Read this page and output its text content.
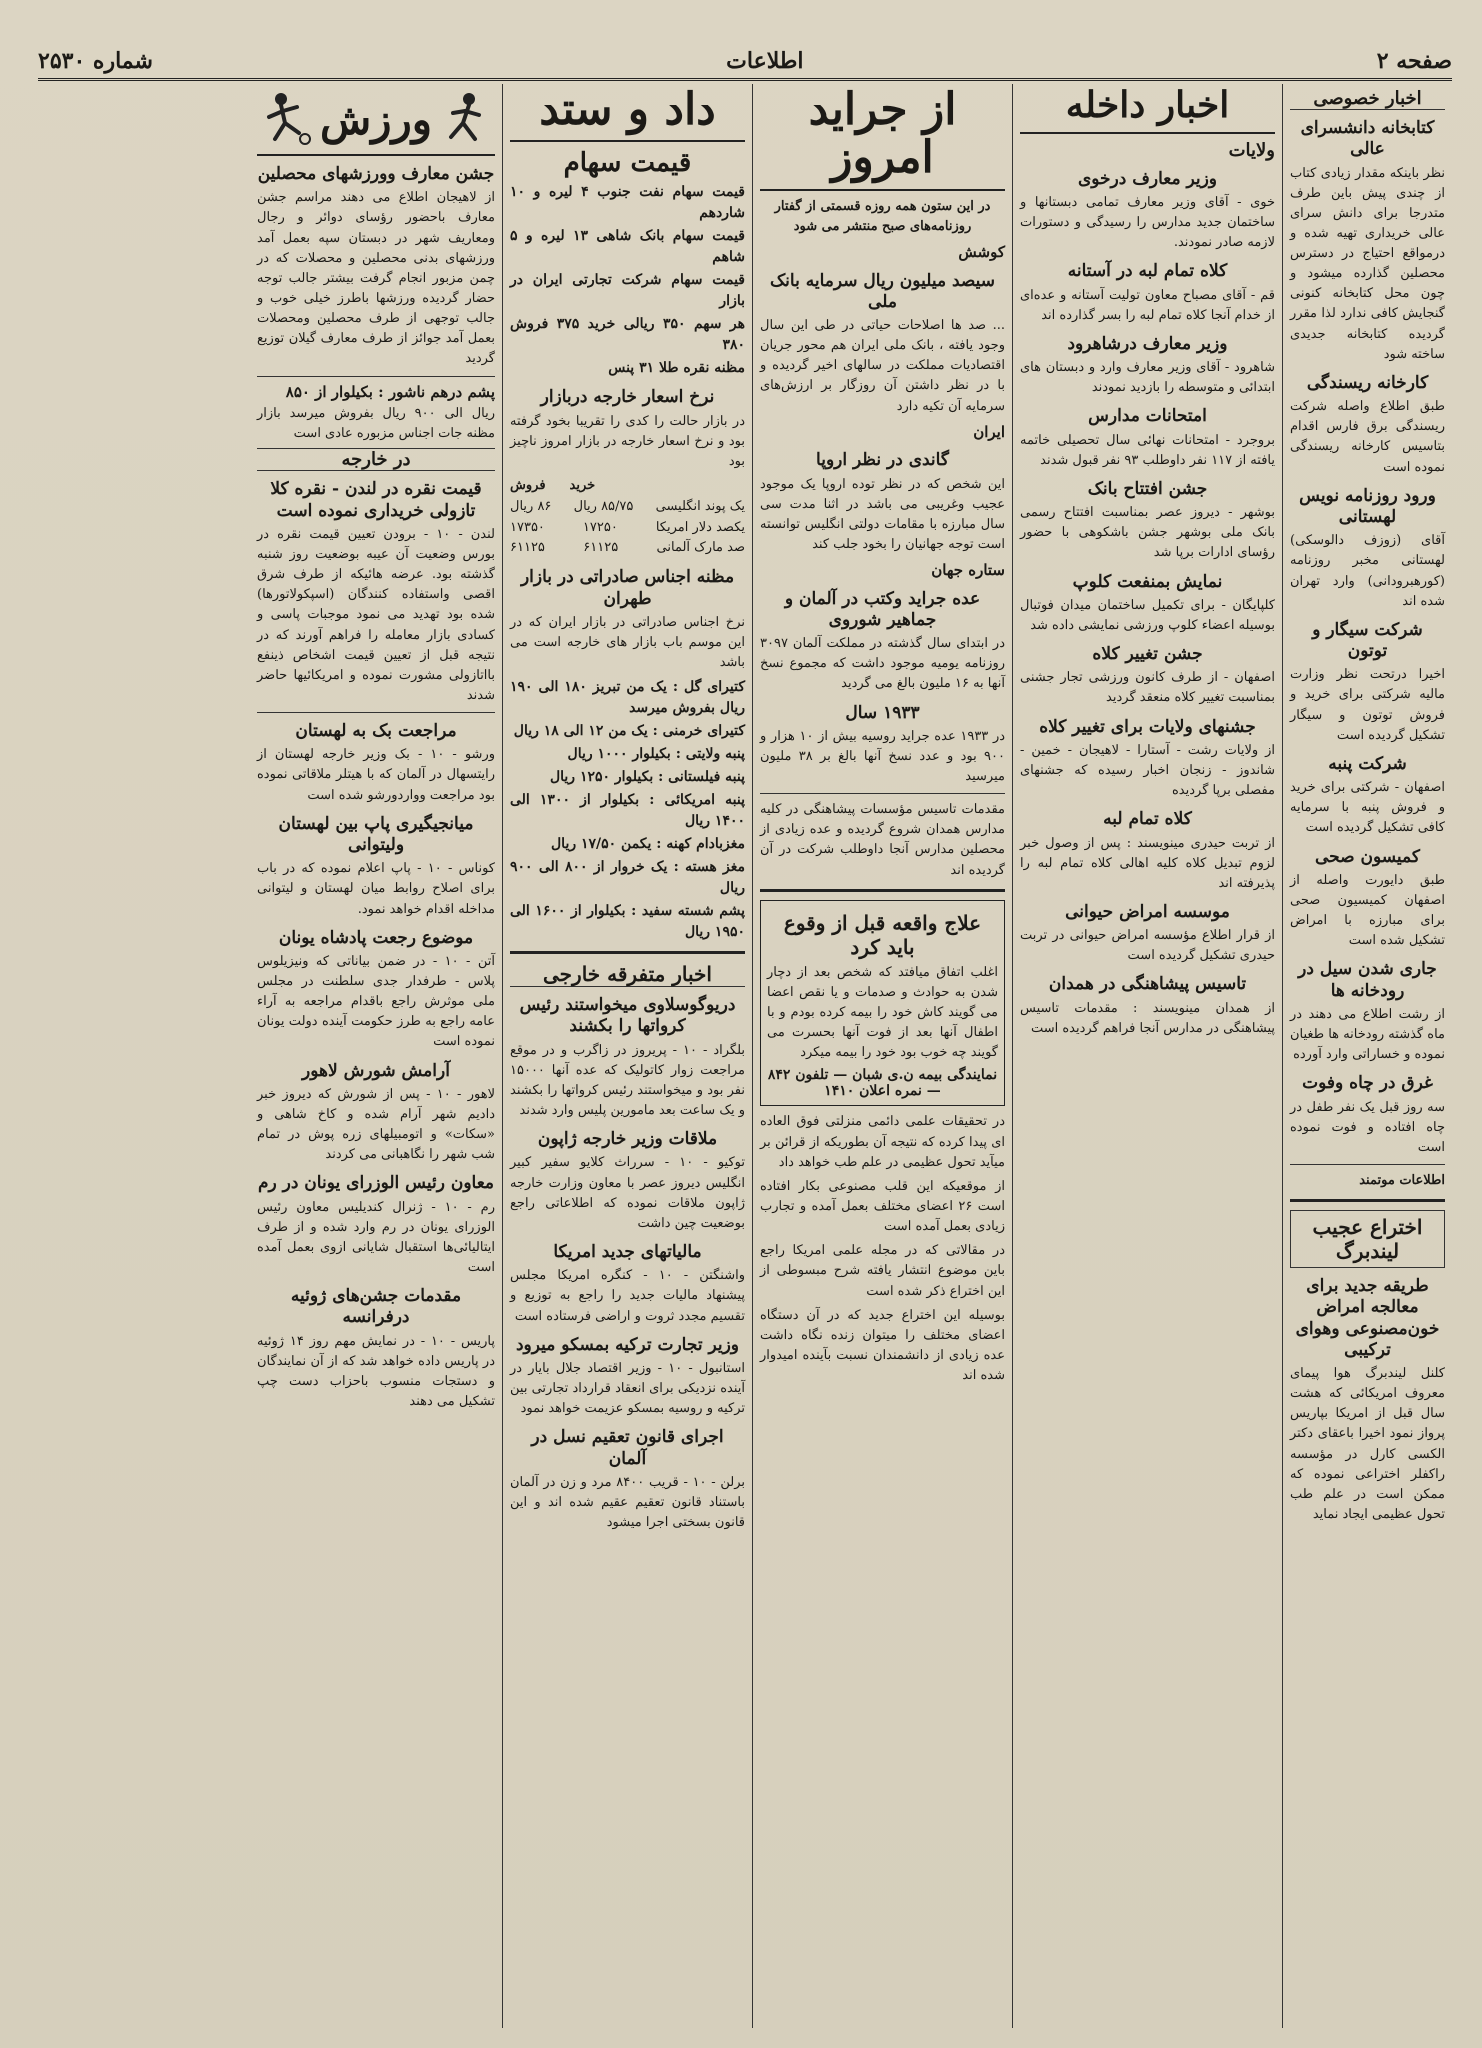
صفحه ۲
اطلاعات
شماره ۲۵۳۰
اخبار خصوصی
کتابخانه دانشسرای عالی

نظر باینکه مقدار زیادی کتاب از چندی پیش باین طرف متدرجا برای دانش سرای عالی خریداری تهیه شده و درمواقع احتیاج در دسترس محصلین گذارده میشود و چون محل کتابخانه کنونی گنجایش کافی ندارد لذا مقرر گردیده کتابخانه جدیدی ساخته شود

کارخانه ریسندگی

طبق اطلاع واصله شرکت ریسندگی برق فارس اقدام بتاسیس کارخانه ریسندگی نموده است

ورود روزنامه نویس لهستانی

آقای (زوزف دالوسکی) لهستانی مخبر روزنامه (کورهبرودانی) وارد تهران شده اند

شرکت سیگار و توتون

اخیرا درتحت نظر وزارت مالیه شرکتی برای خرید و فروش توتون و سیگار تشکیل گردیده است

شرکت پنبه

اصفهان - شرکتی برای خرید و فروش پنبه با سرمایه کافی تشکیل گردیده است

کمیسون صحی

طبق دایورت واصله از اصفهان کمیسیون صحی برای مبارزه با امراض تشکیل شده است

جاری شدن سیل در رودخانه ها

از رشت اطلاع می دهند در ماه گذشته رودخانه ها طغیان نموده و خساراتی وارد آورده

غرق در چاه وفوت

سه روز قبل یک نفر طفل در چاه افتاده و فوت نموده است

اطلاعات موتمند

اختراع عجیب لیندبرگ
طریقه جدید برای معالجه امراض خون‌مصنوعی وهوای ترکیبی

کلنل لیندبرگ هوا پیمای معروف امریکائی که هشت سال قبل از امریکا بپاریس پرواز نمود اخیرا باعقای دکتر الکسی کارل در مؤسسه راکفلر اختراعی نموده که ممکن است در علم طب تحول عظیمی ایجاد نماید

اخبار داخله
ولایات
وزیر معارف درخوی

خوی - آقای وزیر معارف تمامی دبستانها و ساختمان جدید مدارس را رسیدگی و دستورات لازمه صادر نمودند.

کلاه تمام لبه در آستانه

قم - آقای مصباح معاون تولیت آستانه و عده‌ای از خدام آنجا کلاه تمام لبه را بسر گذارده اند

وزیر معارف درشاهرود

شاهرود - آقای وزیر معارف وارد و دبستان های ابتدائی و متوسطه را بازدید نمودند

امتحانات مدارس

بروجرد - امتحانات نهائی سال تحصیلی خاتمه یافته از ۱۱۷ نفر داوطلب ۹۳ نفر قبول شدند

جشن افتتاح بانک

بوشهر - دیروز عصر بمناسبت افتتاح رسمی بانک ملی بوشهر جشن باشکوهی با حضور رؤسای ادارات برپا شد

نمایش بمنفعت کلوپ

کلپایگان - برای تکمیل ساختمان میدان فوتبال بوسیله اعضاء کلوپ ورزشی نمایشی داده شد

جشن تغییر کلاه

اصفهان - از طرف کانون ورزشی تجار جشنی بمناسبت تغییر کلاه منعقد گردید

جشنهای ولایات برای تغییر کلاه

از ولایات رشت - آستارا - لاهیجان - خمین - شاندوز - زنجان اخبار رسیده که جشنهای مفصلی برپا گردیده

کلاه تمام لبه

از تربت حیدری مینویسند : پس از وصول خبر لزوم تبدیل کلاه کلیه اهالی کلاه تمام لبه را پذیرفته اند

موسسه امراض حیوانی

از قرار اطلاع مؤسسه امراض حیوانی در تربت حیدری تشکیل گردیده است

تاسیس پیشاهنگی در همدان

از همدان مینویسند : مقدمات تاسیس پیشاهنگی در مدارس آنجا فراهم گردیده است

از جرايد امروز

در این ستون همه روزه قسمتی از گفتار روزنامه‌های صبح منتشر می شود

کوشش
سیصد میلیون ریال سرمایه بانک ملی

... صد ها اصلاحات حیاتی در طی این سال وجود یافته ، بانک ملی ایران هم محور جریان اقتصادیات مملکت در سالهای اخیر گردیده و با در نظر داشتن آن روزگار بر ارزش‌های سرمایه آن تکیه دارد

ایران
گاندی در نظر اروپا

این شخص که در نظر توده اروپا یک موجود عجیب وغریبی می باشد در اثنا مدت سی سال مبارزه با مقامات دولتی انگلیس توانسته است توجه جهانیان را بخود جلب کند

ستاره جهان
عده جراید وکتب در آلمان و جماهیر شوروی

در ابتدای سال گذشته در مملکت آلمان ۳۰۹۷ روزنامه یومیه موجود داشت که مجموع نسخ آنها به ۱۶ ملیون بالغ می گردید

۱۹۳۳ سال

در ۱۹۳۳ عده جراید روسیه بیش از ۱۰ هزار و ۹۰۰ بود و عدد نسخ آنها بالغ بر ۳۸ ملیون میرسید

مقدمات تاسیس مؤسسات پیشاهنگی در کلیه مدارس همدان شروع گردیده و عده زیادی از محصلین مدارس آنجا داوطلب شرکت در آن گردیده اند

علاج واقعه قبل از وقوع باید کرد

اغلب اتفاق میافتد که شخص بعد از دچار شدن به حوادث و صدمات و یا نقص اعضا می گویند کاش خود را بیمه کرده بودم و با اطفال آنها بعد از فوت آنها بحسرت می گویند چه خوب بود خود را بیمه میکرد

نمایندگی بیمه ن.ی شبان — تلفون ۸۴۲ — نمره اعلان ۱۴۱۰

در تحقیقات علمی دائمی منزلتی فوق العاده ای پیدا کرده که نتیجه آن بطوریکه از قرائن بر میآید تحول عظیمی در علم طب خواهد داد

از موقعیکه این قلب مصنوعی بکار افتاده است ۲۶ اعضای مختلف بعمل آمده و تجارب زیادی بعمل آمده است

در مقالاتی که در مجله علمی امریکا راجع باین موضوع انتشار یافته شرح مبسوطی از این اختراع ذکر شده است

بوسیله این اختراع جدید که در آن دستگاه اعضای مختلف را میتوان زنده نگاه داشت عده زیادی از دانشمندان نسبت بآینده امیدوار شده اند

داد و ستد
قیمت سهام
قیمت سهام نفت جنوب ۴ لیره و ۱۰ شاردهم
قیمت سهام بانک شاهی ۱۳ لیره و ۵ شاهم
قیمت سهام شرکت تجارتی ایران در بازار
هر سهم ۳۵۰ ریالی خرید ۳۷۵ فروش ۳۸۰
مظنه نقره طلا ۳۱ پنس
نرخ اسعار خارجه دربازار

در بازار حالت را کدی را تقریبا بخود گرفته بود و نرخ اسعار خارجه در بازار امروز ناچیز بود

خرید
فروش
یک پوند انگلیسی
۸۵/۷۵ ریال
۸۶ ریال
یکصد دلار امریکا
۱۷۲۵۰
۱۷۳۵۰
صد مارک آلمانی
۶۱۱۲۵
۶۱۱۲۵
مظنه اجناس صادراتی در بازار طهران

نرخ اجناس صادراتی در بازار ایران که در این موسم باب بازار های خارجه است می باشد

کتیرای گل : یک من تبریز ۱۸۰ الی ۱۹۰ ریال بفروش میرسد
کتیرای خرمنی : یک من ۱۲ الی ۱۸ ریال
پنبه ولایتی : بکیلوار ۱۰۰۰ ریال
پنبه فیلستانی : بکیلوار ۱۲۵۰ ریال
پنبه امریکائی : بکیلوار از ۱۳۰۰ الی ۱۴۰۰ ریال
مغزبادام کهنه : یکمن ۱۷/۵۰ ریال
مغز هسته : یک خروار از ۸۰۰ الی ۹۰۰ ریال
پشم شسته سفید : بکیلوار از ۱۶۰۰ الی ۱۹۵۰ ریال
اخبار متفرقه خارجی
دریوگوسلاوی میخواستند رئیس کرواتها را بکشند

بلگراد - ۱۰ - پریروز در زاگرب و در موقع مراجعت زوار کاتولیک که عده آنها ۱۵۰۰۰ نفر بود و میخواستند رئیس کرواتها را بکشند و یک ساعت بعد مامورین پلیس وارد شدند

ملاقات وزیر خارجه ژاپون

توکیو - ۱۰ - سرراث کلایو سفیر کبیر انگلیس دیروز عصر با معاون وزارت خارجه ژاپون ملاقات نموده که اطلاعاتی راجع بوضعیت چین داشت

مالیاتهای جدید امریکا

واشنگتن - ۱۰ - کنگره امریکا مجلس پیشنهاد مالیات جدید را راجع به توزیع و تقسیم مجدد ثروت و اراضی فرستاده است

وزیر تجارت ترکیه بمسکو میرود

استانبول - ۱۰ - وزیر اقتصاد جلال بایار در آینده نزدیکی برای انعقاد قرارداد تجارتی بین ترکیه و روسیه بمسکو عزیمت خواهد نمود

اجرای قانون تعقیم نسل در آلمان

برلن - ۱۰ - قریب ۸۴۰۰ مرد و زن در آلمان باستناد قانون تعقیم عقیم شده اند و این قانون بسختی اجرا میشود

ورزش
جشن معارف وورزشهای محصلین

از لاهیجان اطلاع می دهند مراسم جشن معارف باحضور رؤسای دوائر و رجال ومعاریف شهر در دبستان سپه بعمل آمد ورزشهای بدنی محصلین و محصلات که در چمن مزبور انجام گرفت بیشتر جالب توجه حضار گردیده ورزشها باطرز خیلی خوب و جالب توجهی از طرف محصلین ومحصلات بعمل آمد جوائز از طرف معارف گیلان توزیع گردید

پشم درهم ناشور : بکیلوار از ۸۵۰

ریال الی ۹۰۰ ریال بفروش میرسد بازار مظنه جات اجناس مزبوره عادی است

در خارجه
قیمت نقره در لندن - نقره کلا تازولی خریداری نموده است

لندن - ۱۰ - برودن تعیین قیمت نقره در بورس وضعیت آن عیبه بوضعیت روز شنبه گذشته بود. عرضه هائیکه از طرف شرق اقصی واستفاده کنندگان (اسپکولاتورها) شده بود تهدید می نمود موجبات پاسی و کسادی بازار معامله را فراهم آورند که در نتیجه قبل از تعیین قیمت اشخاص ذینفع بااتازولی مشورت نموده و امریکائیها حاضر شدند

مراجعت بک به لهستان

ورشو - ۱۰ - بک وزیر خارجه لهستان از رایتسهال در آلمان که با هیتلر ملاقاتی نموده بود مراجعت وواردورشو شده است

میانجیگیری پاپ بین لهستان ولیتوانی

کوناس - ۱۰ - پاپ اعلام نموده که در باب برای اصلاح روابط میان لهستان و لیتوانی مداخله اقدام خواهد نمود.

موضوع رجعت پادشاه یونان

آتن - ۱۰ - در ضمن بیاناتی که ونیزیلوس پلاس - طرفدار جدی سلطنت در مجلس ملی موثرش راجع باقدام مراجعه به آراء عامه راجع به طرز حکومت آینده دولت یونان نموده است

آرامش شورش لاهور

لاهور - ۱۰ - پس از شورش که دیروز خبر دادیم شهر آرام شده و کاخ شاهی و «سکات» و اتومبیلهای زره پوش در تمام شب شهر را نگاهبانی می کردند

معاون رئیس الوزرای یونان در رم

رم - ۱۰ - ژنرال کندیلیس معاون رئیس الوزرای یونان در رم وارد شده و از طرف ایتالیائی‌ها استقبال شایانی ازوی بعمل آمده است

مقدمات جشن‌های ژوئیه درفرانسه

پاریس - ۱۰ - در نمایش مهم روز ۱۴ ژوئیه در پاریس داده خواهد شد که از آن نمایندگان و دستجات منسوب باحزاب دست چپ تشکیل می دهند
